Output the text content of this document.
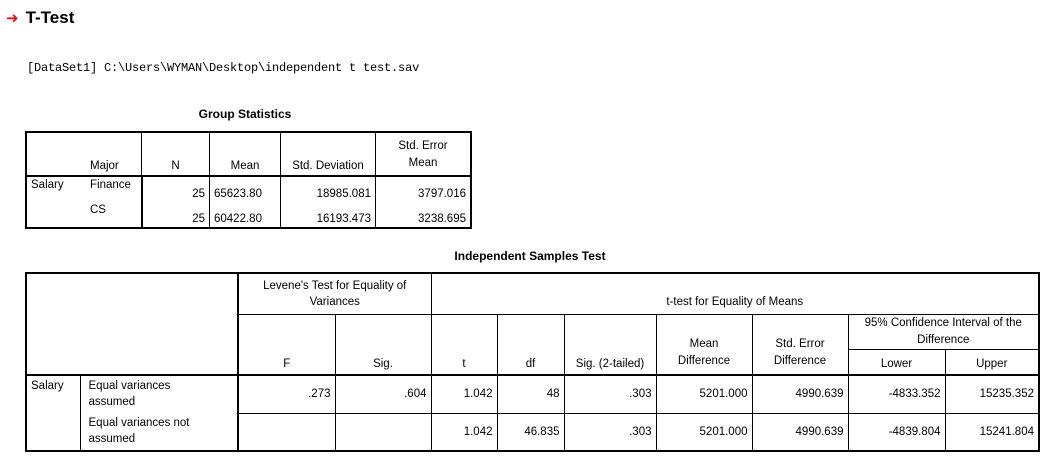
➜ T-Test
[DataSet1] C:\Users\WYMAN\Desktop\independent t test.sav
Group Statistics
	Major	N	Mean	Std. Deviation	Std. Error Mean
Salary	Finance	25	65623.80	18985.081	3797.016
	CS	25	60422.80	16193.473	3238.695
Independent Samples Test
		Levene's Test for Equality of Variances		t-test for Equality of Means						
		F	Sig.	t	df	Sig. (2-tailed)	Mean Difference	Std. Error Difference	95% Confidence Interval of the Difference	
									Lower	Upper
Salary	Equal variances assumed	.273	.604	1.042	48	.303	5201.000	4990.639	-4833.352	15235.352
	Equal variances not assumed			1.042	46.835	.303	5201.000	4990.639	-4839.804	15241.804
